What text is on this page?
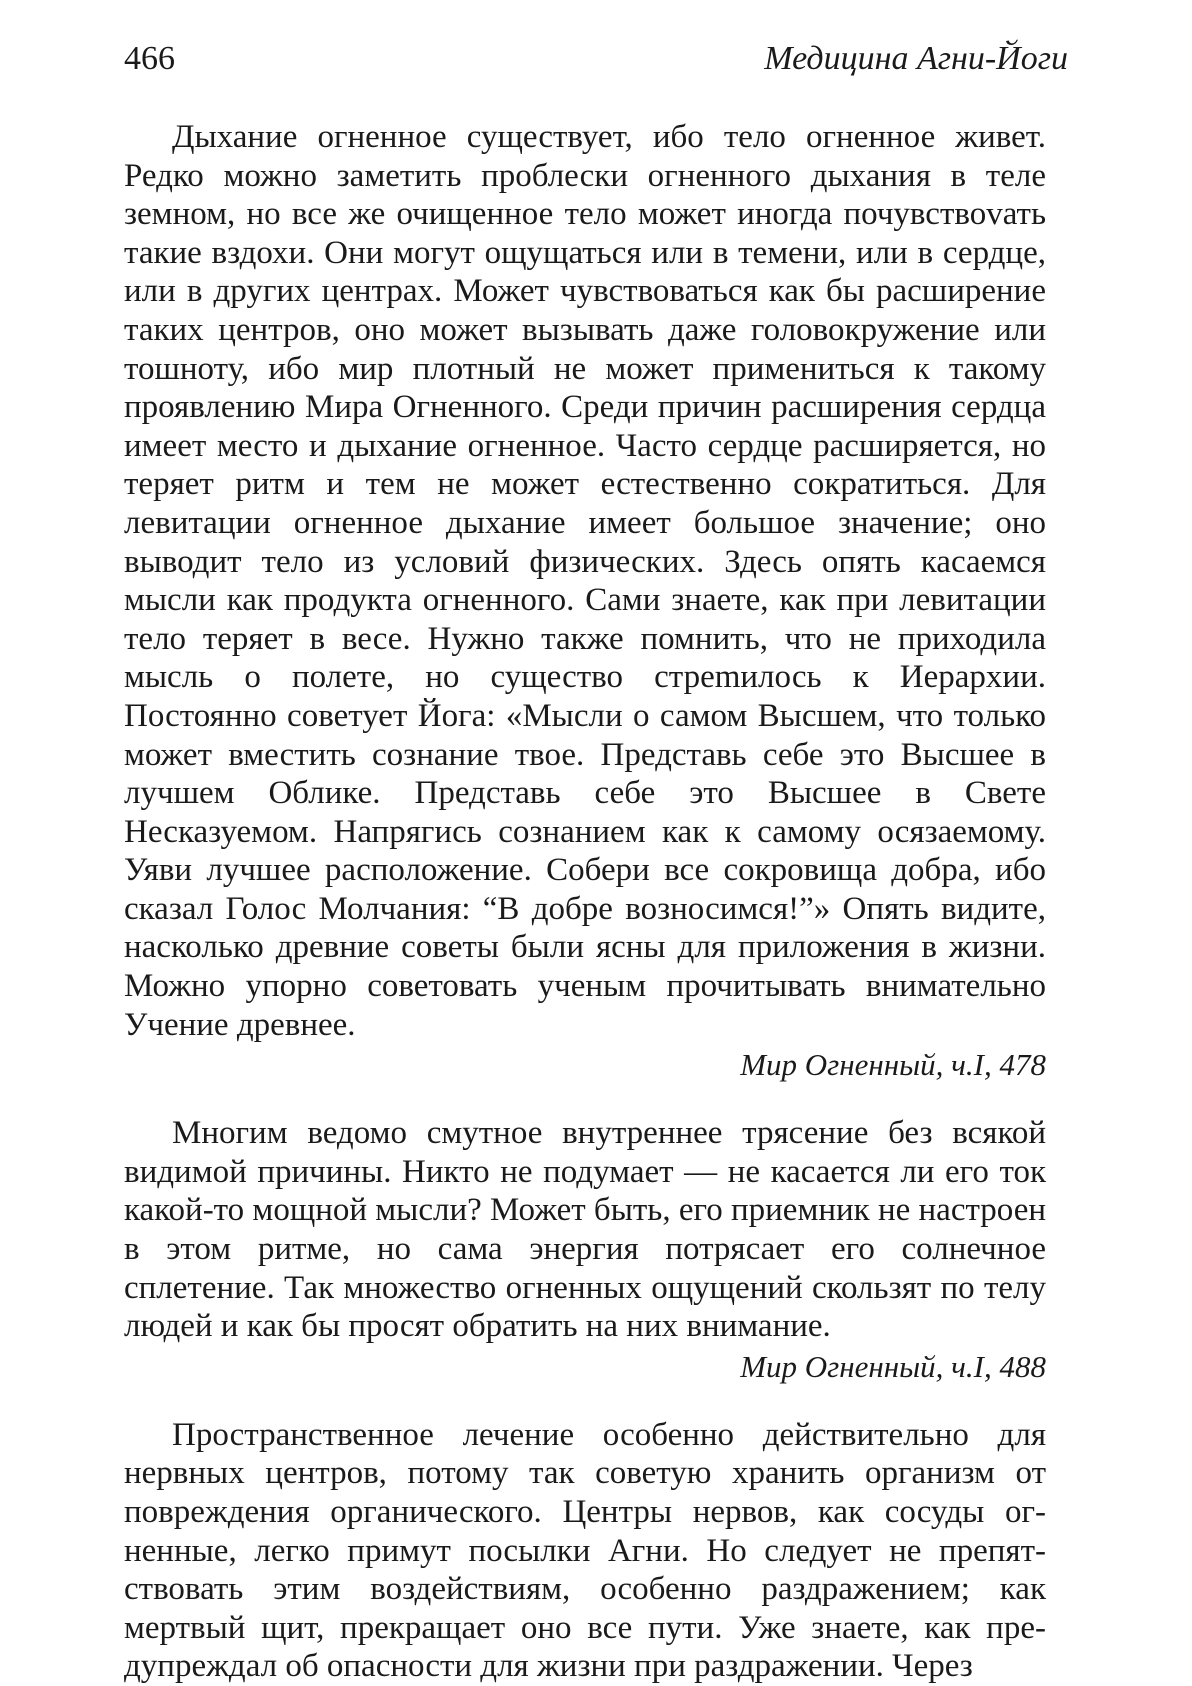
466	Медицина Агни-Йоги

Дыхание огненное существует, ибо тело огненное живет. Редко можно заметить проблески огненного дыхания в теле земном, но все же очищенное тело может иногда почувствоvать такие вздохи. Они могут ощущаться или в темени, или в сердце, или в других центрах. Может чувствоваться как бы расширение таких центров, оно может вызывать даже головокружение или тошноту, ибо мир плотный не может примениться к такому проявлению Мира Огненного. Среди причин расширения сердца имеет место и дыхание огненное. Часто сердце расширяется, но теряет ритм и тем не может естественно сократиться. Для левитации огненное дыхание имеет большое значение; оно выводит тело из условий физических. Здесь опять касаемся мысли как продукта огненного. Сами знаете, как при левитации тело теряет в весе. Нужно также помнить, что не приходила мысль о полете, но существо стреmилось к Иерархии. Постоянно советует Йога: «Мысли о самом Высшем, что только может вместить сознание твое. Представь себе это Высшее в лучшем Облике. Представь себе это Высшее в Свете Несказуемом. Напрягись сознанием как к самому осязаемому. Уяви лучшее расположение. Собери все сокровища добра, ибо сказал Голос Молчания: “В добре возносимся!”» Опять видите, насколько древние советы были ясны для приложения в жизни. Можно упорно советовать ученым прочитывать внимательно Учение древнее.

Мир Огненный, ч.I, 478

Многим ведомо смутное внутреннее трясение без всякой видимой причины. Никто не подумает — не касается ли его ток какой-то мощной мысли? Может быть, его приемник не настроен в этом ритме, но сама энергия потрясает его солнечное сплетение. Так множество огненных ощущений скользят по телу людей и как бы просят обратить на них внимание.

Мир Огненный, ч.I, 488

Пространственное лечение особенно действительно для нервных центров, потому так советую хранить организм от повреждения органического. Центры нервов, как сосуды огненные, легко примут посылки Агни. Но следует не препятствовать этим воздействиям, особенно раздражением; как мертвый щит, прекращает оно все пути. Уже знаете, как предупреждал об опасности для жизни при раздражении. Через
